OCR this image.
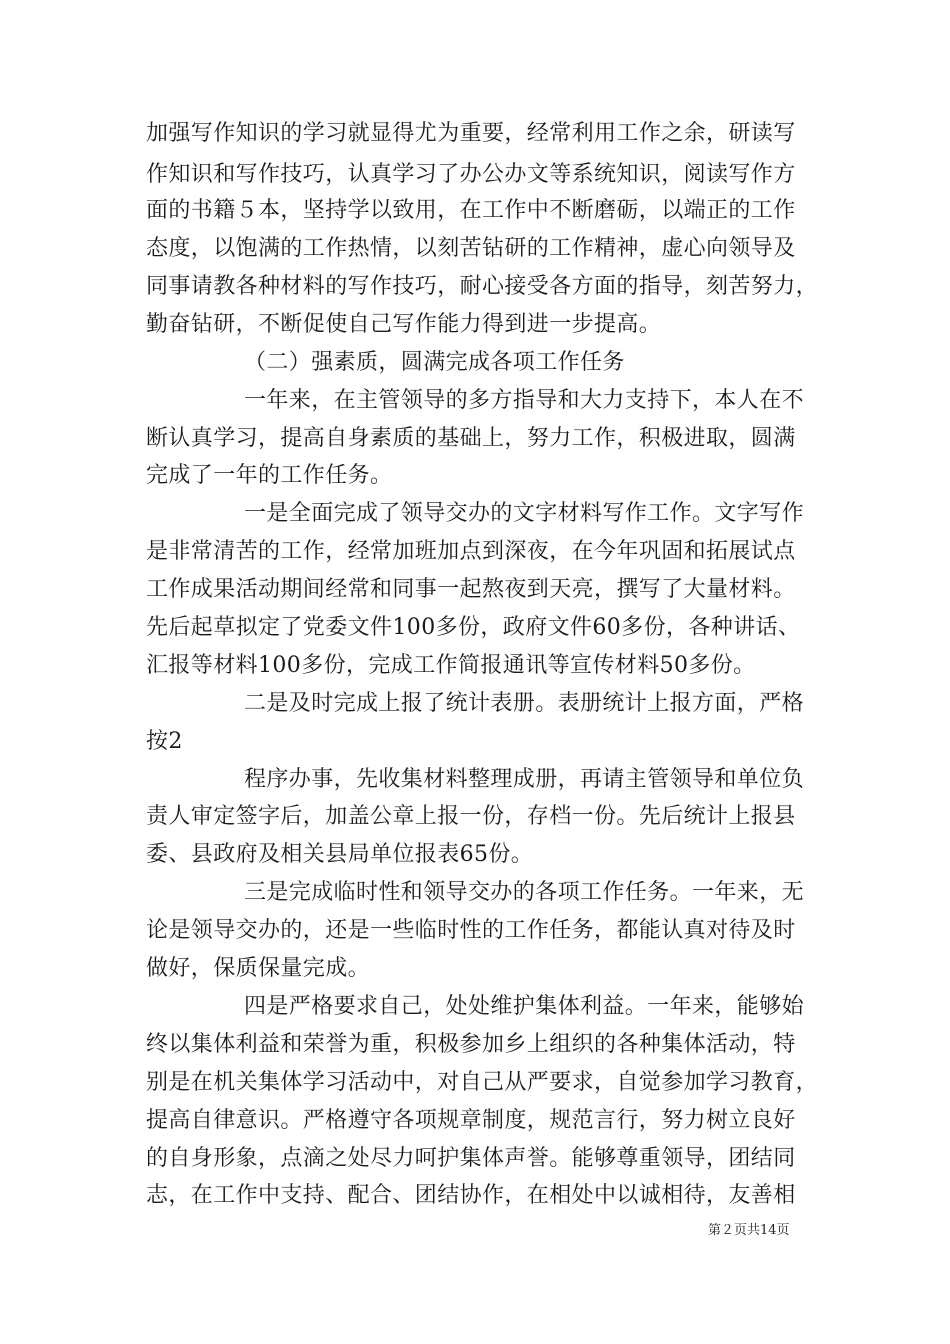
加强写作知识的学习就显得尤为重要，经常利用工作之余，研读写
作知识和写作技巧，认真学习了办公办文等系统知识，阅读写作方
面的书籍５本，坚持学以致用，在工作中不断磨砺，以端正的工作
态度，以饱满的工作热情，以刻苦钻研的工作精神，虚心向领导及
同事请教各种材料的写作技巧，耐心接受各方面的指导，刻苦努力，
勤奋钻研，不断促使自己写作能力得到进一步提高。
（二）强素质，圆满完成各项工作任务
一年来，在主管领导的多方指导和大力支持下，本人在不
断认真学习，提高自身素质的基础上，努力工作，积极进取，圆满
完成了一年的工作任务。
一是全面完成了领导交办的文字材料写作工作。文字写作
是非常清苦的工作，经常加班加点到深夜，在今年巩固和拓展试点
工作成果活动期间经常和同事一起熬夜到天亮，撰写了大量材料。
先后起草拟定了党委文件100多份，政府文件60多份，各种讲话、
汇报等材料100多份，完成工作简报通讯等宣传材料50多份。
二是及时完成上报了统计表册。表册统计上报方面，严格
按2
程序办事，先收集材料整理成册，再请主管领导和单位负
责人审定签字后，加盖公章上报一份，存档一份。先后统计上报县
委、县政府及相关县局单位报表65份。
三是完成临时性和领导交办的各项工作任务。一年来，无
论是领导交办的，还是一些临时性的工作任务，都能认真对待及时
做好，保质保量完成。
四是严格要求自己，处处维护集体利益。一年来，能够始
终以集体利益和荣誉为重，积极参加乡上组织的各种集体活动，特
别是在机关集体学习活动中，对自己从严要求，自觉参加学习教育，
提高自律意识。严格遵守各项规章制度，规范言行，努力树立良好
的自身形象，点滴之处尽力呵护集体声誉。能够尊重领导，团结同
志，在工作中支持、配合、团结协作，在相处中以诚相待，友善相
第２页共14页
